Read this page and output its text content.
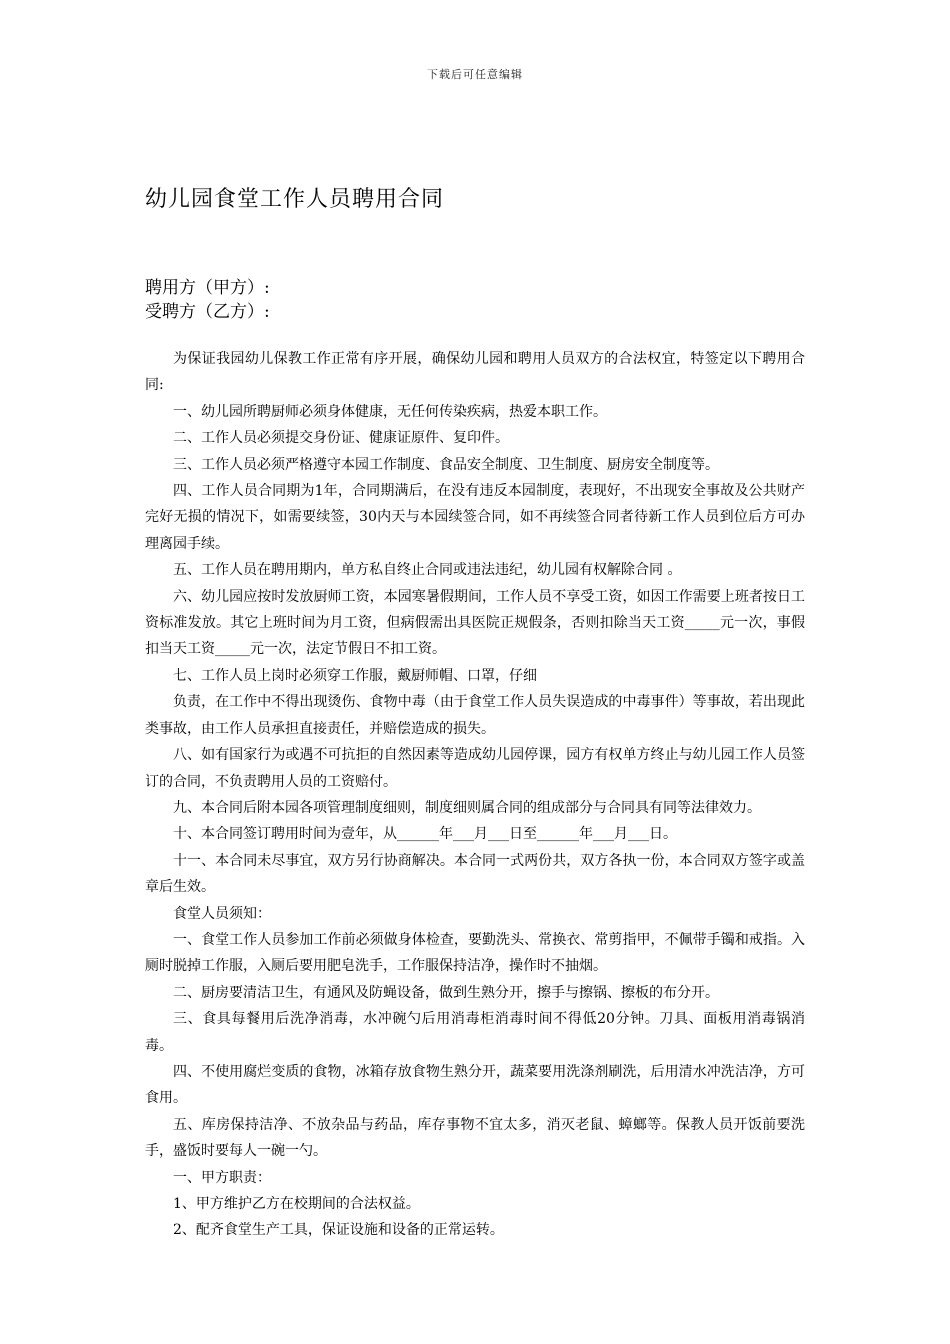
下载后可任意编辑
幼儿园食堂工作人员聘用合同
聘用方（甲方）:
受聘方（乙方）:

为保证我园幼儿保教工作正常有序开展，确保幼儿园和聘用人员双方的合法权宜，特签定以下聘用合同:

一、幼儿园所聘厨师必须身体健康，无任何传染疾病，热爱本职工作。

二、工作人员必须提交身份证、健康证原件、复印件。

三、工作人员必须严格遵守本园工作制度、食品安全制度、卫生制度、厨房安全制度等。

四、工作人员合同期为1年，合同期满后，在没有违反本园制度，表现好，不出现安全事故及公共财产完好无损的情况下，如需要续签，30内天与本园续签合同，如不再续签合同者待新工作人员到位后方可办理离园手续。

五、工作人员在聘用期内，单方私自终止合同或违法违纪，幼儿园有权解除合同 。

六、幼儿园应按时发放厨师工资，本园寒暑假期间，工作人员不享受工资，如因工作需要上班者按日工资标准发放。其它上班时间为月工资，但病假需出具医院正规假条，否则扣除当天工资_____元一次，事假扣当天工资_____元一次，法定节假日不扣工资。

七、工作人员上岗时必须穿工作服，戴厨师帽、口罩，仔细

负责，在工作中不得出现烫伤、食物中毒（由于食堂工作人员失误造成的中毒事件）等事故，若出现此类事故，由工作人员承担直接责任，并赔偿造成的损失。

八、如有国家行为或遇不可抗拒的自然因素等造成幼儿园停课，园方有权单方终止与幼儿园工作人员签订的合同，不负责聘用人员的工资赔付。

九、本合同后附本园各项管理制度细则，制度细则属合同的组成部分与合同具有同等法律效力。

十、本合同签订聘用时间为壹年，从______年___月___日至______年___月___日。

十一、本合同未尽事宜，双方另行协商解决。本合同一式两份共，双方各执一份，本合同双方签字或盖章后生效。

食堂人员须知：

一、食堂工作人员参加工作前必须做身体检查，要勤洗头、常换衣、常剪指甲，不佩带手镯和戒指。入厕时脱掉工作服，入厕后要用肥皂洗手，工作服保持洁净，操作时不抽烟。

二、厨房要清洁卫生，有通风及防蝇设备，做到生熟分开，擦手与擦锅、擦板的布分开。

三、食具每餐用后洗净消毒，水冲碗勺后用消毒柜消毒时间不得低20分钟。刀具、面板用消毒锅消毒。

四、不使用腐烂变质的食物，冰箱存放食物生熟分开，蔬菜要用洗涤剂刷洗，后用清水冲洗洁净，方可食用。

五、库房保持洁净、不放杂品与药品，库存事物不宜太多，消灭老鼠、蟑螂等。保教人员开饭前要洗手，盛饭时要每人一碗一勺。

一、甲方职责：

1、甲方维护乙方在校期间的合法权益。

2、配齐食堂生产工具，保证设施和设备的正常运转。
